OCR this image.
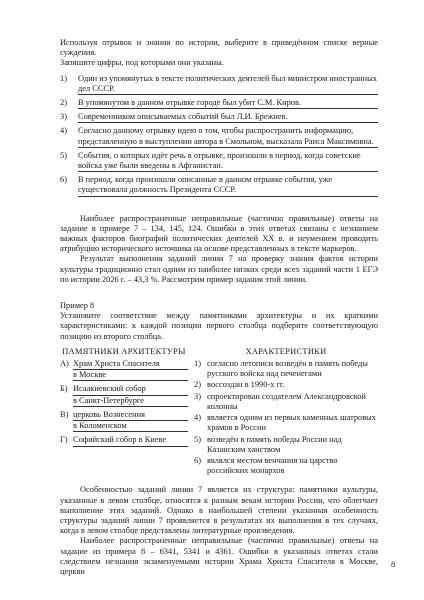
Используя отрывок и знания по истории, выберите в приведённом списке верные суждения.

Запишите цифры, под которыми они указаны.

1)	Один из упомянутых в тексте политических деятелей был министром иностранных дел СССР.
2)	В упомянутом в данном отрывке городе был убит С.М. Киров.
3)	Современником описываемых событий был Л.И. Брежнев.
4)	Согласно данному отрывку идею о том, чтобы распространить информацию, представленную в выступлении автора в Смольном, высказала Раиса Максимовна.
5)	События, о которых идёт речь в отрывке, произошли в период, когда советские войска уже были введены в Афганистан.
6)	В период, когда произошли описанные в данном отрывке события, уже существовала должность Президента СССР.

Наиболее распространенные неправильные (частично правильные) ответы на задание в примере 7 – 134, 145, 124. Ошибки в этих ответах связаны с незнанием важных факторов биографий политических деятелей XX в. и неумением проводить атрибуцию исторического источника на основе представленных в тексте маркеров.

Результат выполнения заданий линии 7 на проверку знания фактов истории культуры традиционно стал одним из наиболее низких среди всех заданий части 1 ЕГЭ по истории 2026 г. – 43,3 %. Рассмотрим пример задания этой линии.

Пример 8

Установите соответствие между памятниками архитектуры и их краткими характеристиками: к каждой позиции первого столбца подберите соответствующую позицию из второго столбца.

ПАМЯТНИКИ АРХИТЕКТУРЫ
А) Храм Христа Спасителя
в Москве
Б) Исаакиевский собор
в Санкт-Петербурге
В) церковь Вознесения
в Коломенском
Г) Софийский собор в Киеве
ХАРАКТЕРИСТИКИ
1) согласно летописи возведён в память победы русского войска над печенегами
2) воссоздан в 1990-х гг.
3) спроектирован создателем Александровской колонны
4) является одним из первых каменных шатровых храмов в России
5) возведён в память победы России над Казанским ханством
6) являлся местом венчания на царство российских монархов

Особенностью заданий линии 7 является их структура: памятники культуры, указанные в левом столбце, относятся к разным векам истории России, что облегчает выполнение этих заданий. Однако в наибольшей степени указанная особенность структуры заданий линии 7 проявляется в результатах их выполнения в тех случаях, когда в левом столбце представлены литературные произведения.

Наиболее распространенные неправильные (частично правильные) ответы на задание из примера 8 – 6341, 5341 и 4361. Ошибки в указанных ответах стали следствием незнания экзаменуемыми истории Храма Христа Спасителя в Москве, церкви

8
